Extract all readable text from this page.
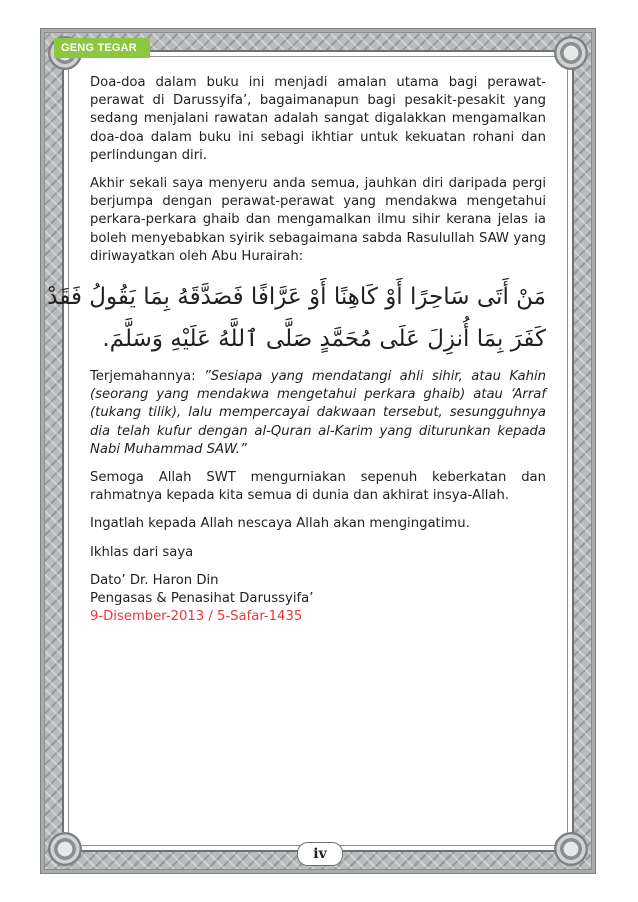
GENG TEGAR

Doa-doa dalam buku ini menjadi amalan utama bagi perawat-perawat di Darussyifa’, bagaimanapun bagi pesakit-pesakit yang sedang menjalani rawatan adalah sangat digalakkan mengamalkan doa-doa dalam buku ini sebagi ikhtiar untuk kekuatan rohani dan perlindungan diri.

Akhir sekali saya menyeru anda semua, jauhkan diri daripada pergi berjumpa dengan perawat-perawat yang mendakwa mengetahui perkara-perkara ghaib dan mengamalkan ilmu sihir kerana jelas ia boleh menyebabkan syirik sebagaimana sabda Rasulullah SAW yang diriwayatkan oleh Abu Hurairah:

مَنْ أَتَى سَاحِرًا أَوْ كَاهِنًا أَوْ عَرَّافًا فَصَدَّقَهُ بِمَا يَقُولُ فَقَدْ
كَفَرَ بِمَا أُنزِلَ عَلَى مُحَمَّدٍ صَلَّى ٱللَّهُ عَلَيْهِ وَسَلَّمَ.

Terjemahannya: ”Sesiapa yang mendatangi ahli sihir, atau Kahin (seorang yang mendakwa mengetahui perkara ghaib) atau ‘Arraf (tukang tilik), lalu mempercayai dakwaan tersebut, sesungguhnya dia telah kufur dengan al-Quran al-Karim yang diturunkan kepada Nabi Muhammad SAW.”

Semoga Allah SWT mengurniakan sepenuh keberkatan dan rahmatnya kepada kita semua di dunia dan akhirat insya-Allah.

Ingatlah kepada Allah nescaya Allah akan mengingatimu.

Ikhlas dari saya

Dato’ Dr. Haron Din

Pengasas & Penasihat Darussyifa’

9-Disember-2013 / 5-Safar-1435

iv
